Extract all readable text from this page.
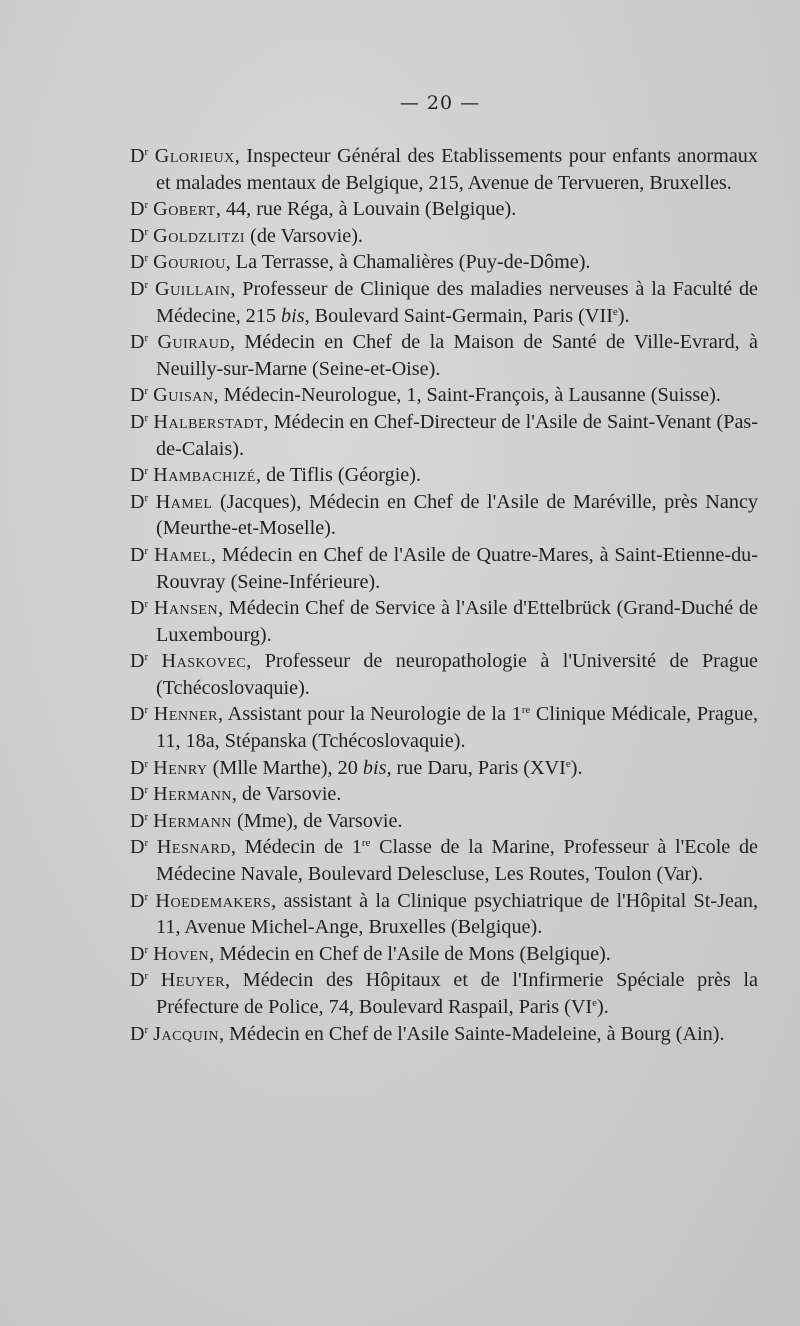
— 20 —

$D^r$ Glorieux, Inspecteur Général des Etablissements pour enfants anormaux et malades mentaux de Belgique, 215, Avenue de Tervueren, Bruxelles.

$D^r$ Gobert, 44, rue Réga, à Louvain (Belgique).

$D^r$ Goldzlitzi (de Varsovie).

$D^r$ Gouriou, La Terrasse, à Chamalières (Puy-de-Dôme).

$D^r$ Guillain, Professeur de Clinique des maladies nerveuses à la Faculté de Médecine, 215 bis, Boulevard Saint-Germain, Paris (VIIe).

$D^r$ Guiraud, Médecin en Chef de la Maison de Santé de Ville-Evrard, à Neuilly-sur-Marne (Seine-et-Oise).

$D^r$ Guisan, Médecin-Neurologue, 1, Saint-François, à Lausanne (Suisse).

$D^r$ Halberstadt, Médecin en Chef-Directeur de l'Asile de Saint-Venant (Pas-de-Calais).

$D^r$ Hambachizé, de Tiflis (Géorgie).

$D^r$ Hamel (Jacques), Médecin en Chef de l'Asile de Maréville, près Nancy (Meurthe-et-Moselle).

$D^r$ Hamel, Médecin en Chef de l'Asile de Quatre-Mares, à Saint-Etienne-du-Rouvray (Seine-Inférieure).

$D^r$ Hansen, Médecin Chef de Service à l'Asile d'Ettelbrück (Grand-Duché de Luxembourg).

$D^r$ Haskovec, Professeur de neuropathologie à l'Université de Prague (Tchécoslovaquie).

$D^r$ Henner, Assistant pour la Neurologie de la 1re Clinique Médicale, Prague, 11, 18a, Stépanska (Tchécoslovaquie).

$D^r$ Henry (Mlle Marthe), 20 bis, rue Daru, Paris (XVIe).

$D^r$ Hermann, de Varsovie.

$D^r$ Hermann (Mme), de Varsovie.

$D^r$ Hesnard, Médecin de 1re Classe de la Marine, Professeur à l'Ecole de Médecine Navale, Boulevard Delescluse, Les Routes, Toulon (Var).

$D^r$ Hoedemakers, assistant à la Clinique psychiatrique de l'Hôpital St-Jean, 11, Avenue Michel-Ange, Bruxelles (Belgique).

$D^r$ Hoven, Médecin en Chef de l'Asile de Mons (Belgique).

$D^r$ Heuyer, Médecin des Hôpitaux et de l'Infirmerie Spéciale près la Préfecture de Police, 74, Boulevard Raspail, Paris (VIe).

$D^r$ Jacquin, Médecin en Chef de l'Asile Sainte-Madeleine, à Bourg (Ain).
